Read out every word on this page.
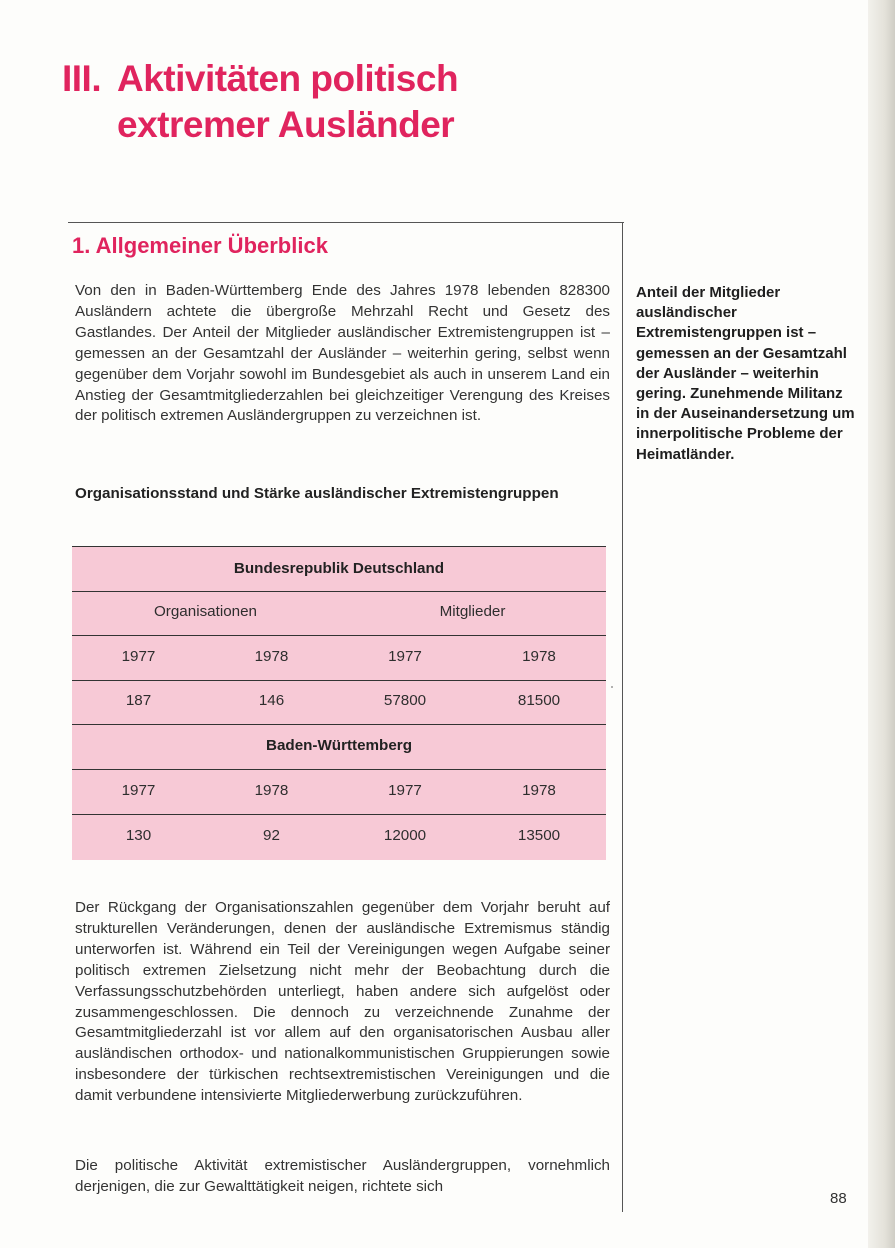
III. Aktivitäten politisch
extremer Ausländer
1. Allgemeiner Überblick

Von den in Baden-Württemberg Ende des Jahres 1978 lebenden 828300 Ausländern achtete die übergroße Mehrzahl Recht und Gesetz des Gastlandes. Der Anteil der Mitglieder ausländischer Extremistengruppen ist – gemessen an der Gesamtzahl der Ausländer – weiterhin gering, selbst wenn gegenüber dem Vorjahr sowohl im Bundesgebiet als auch in unserem Land ein Anstieg der Gesamtmitgliederzahlen bei gleichzeitiger Verengung des Kreises der politisch extremen Ausländergruppen zu verzeichnen ist.

Organisationsstand und Stärke ausländischer Extremistengruppen
Bundesrepublik Deutschland
Organisationen	Mitglieder
1977	1978	1977	1978
187	146	57800	81500
Baden-Württemberg
1977	1978	1977	1978
130	92	12000	13500

Der Rückgang der Organisationszahlen gegenüber dem Vorjahr beruht auf strukturellen Veränderungen, denen der ausländische Extremismus ständig unterworfen ist. Während ein Teil der Vereinigungen wegen Aufgabe seiner politisch extremen Zielsetzung nicht mehr der Beobachtung durch die Verfassungsschutzbehörden unterliegt, haben andere sich aufgelöst oder zusammengeschlossen. Die dennoch zu verzeichnende Zunahme der Gesamtmitgliederzahl ist vor allem auf den organisatorischen Ausbau aller ausländischen orthodox- und nationalkommunistischen Gruppierungen sowie insbesondere der türkischen rechtsextremistischen Vereinigungen und die damit verbundene intensivierte Mitgliederwerbung zurückzuführen.

Die politische Aktivität extremistischer Ausländergruppen, vornehmlich derjenigen, die zur Gewalttätigkeit neigen, richtete sich

Anteil der Mitglieder ausländischer Extremistengruppen ist – gemessen an der Gesamtzahl der Ausländer – weiterhin gering. Zunehmende Militanz in der Auseinandersetzung um innerpolitische Probleme der Heimatländer.
88
